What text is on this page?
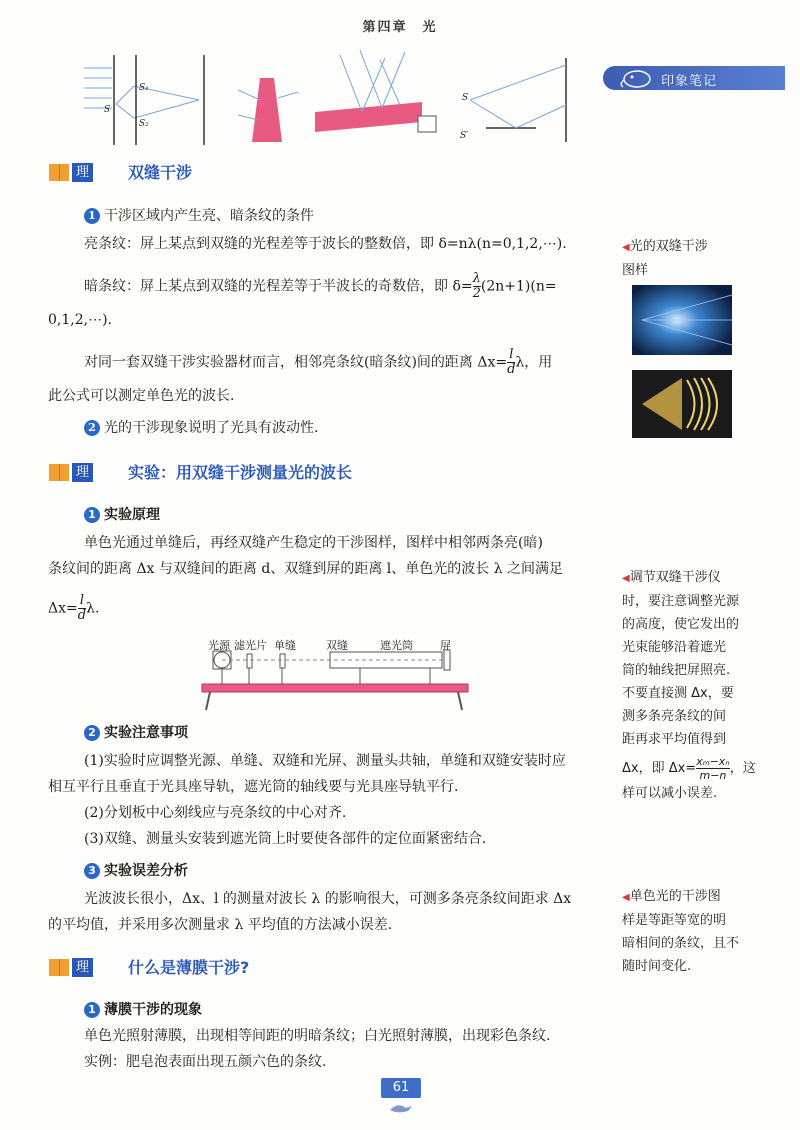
第四章　光
S₁
S₂
S
S
S′
印象笔记
理解2
双缝干涉
1 干涉区域内产生亮、暗条纹的条件
亮条纹：屏上某点到双缝的光程差等于波长的整数倍，即 δ=nλ(n=0,1,2,⋯).
暗条纹：屏上某点到双缝的光程差等于半波长的奇数倍，即 $\delta= \frac{\lambda}{2} (2n+1)(n=$
0,1,2,⋯).
对同一套双缝干涉实验器材而言，相邻亮条纹(暗条纹)间的距离 $\Delta x= \frac{l}{d}$ λ，用
此公式可以测定单色光的波长.
2 光的干涉现象说明了光具有波动性.
理解3
实验：用双缝干涉测量光的波长
1 实验原理
单色光通过单缝后，再经双缝产生稳定的干涉图样，图样中相邻两条亮(暗)
条纹间的距离 Δx 与双缝间的距离 d、双缝到屏的距离 l、单色光的波长 λ 之间满足
$\Delta x= \frac{l}{d} \lambda$.
光源 滤光片 单缝	双缝	遮光筒 屏
2 实验注意事项
(1)实验时应调整光源、单缝、双缝和光屏、测量头共轴，单缝和双缝安装时应
相互平行且垂直于光具座导轨，遮光筒的轴线要与光具座导轨平行.
(2)分划板中心刻线应与亮条纹的中心对齐.
(3)双缝、测量头安装到遮光筒上时要使各部件的定位面紧密结合.
3 实验误差分析
光波波长很小，Δx、l 的测量对波长 λ 的影响很大，可测多条亮条纹间距求 Δx
的平均值，并采用多次测量求 λ 平均值的方法减小误差.
理解4
什么是薄膜干涉?
1 薄膜干涉的现象
单色光照射薄膜，出现相等间距的明暗条纹；白光照射薄膜，出现彩色条纹.
实例：肥皂泡表面出现五颜六色的条纹.
◀光的双缝干涉
图样
◀调节双缝干涉仪
时，要注意调整光源
的高度，使它发出的
光束能够沿着遮光
筒的轴线把屏照亮.
不要直接测 Δx，要
测多条亮条纹的间
距再求平均值得到
Δx，即 $\Delta x= \frac{\text{xₘ−xₙ}}{m-n}$ ，这
样可以减小误差.
◀单色光的干涉图
样是等距等宽的明
暗相间的条纹，且不
随时间变化.
61
